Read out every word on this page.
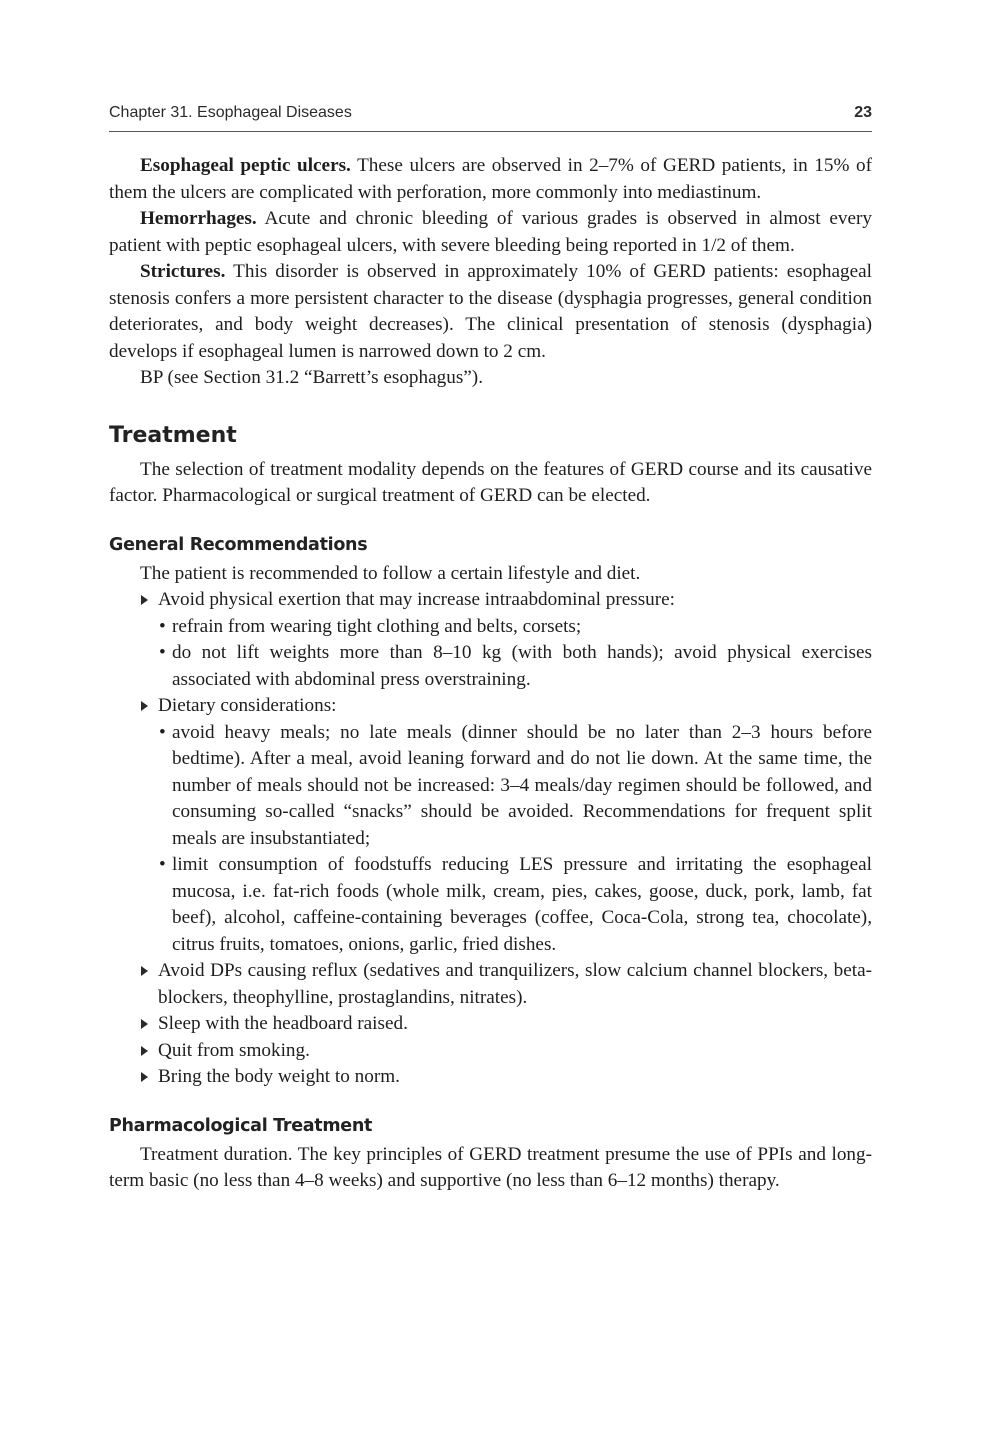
Chapter 31. Esophageal Diseases	23

Esophageal peptic ulcers. These ulcers are observed in 2–7% of GERD patients, in 15% of them the ulcers are complicated with perforation, more commonly into mediastinum.

Hemorrhages. Acute and chronic bleeding of various grades is observed in almost every patient with peptic esophageal ulcers, with severe bleeding being reported in 1/2 of them.

Strictures. This disorder is observed in approximately 10% of GERD patients: esophageal stenosis confers a more persistent character to the disease (dysphagia progresses, general condition deteriorates, and body weight decreases). The clinical presentation of stenosis (dysphagia) develops if esophageal lumen is narrowed down to 2 cm.

BP (see Section 31.2 “Barrett’s esophagus”).

Treatment

The selection of treatment modality depends on the features of GERD course and its causative factor. Pharmacological or surgical treatment of GERD can be elected.

General Recommendations

The patient is recommended to follow a certain lifestyle and diet.

Avoid physical exertion that may increase intraabdominal pressure:
• refrain from wearing tight clothing and belts, corsets;
• do not lift weights more than 8–10 kg (with both hands); avoid physical exercises associated with abdominal press overstraining.
Dietary considerations:
• avoid heavy meals; no late meals (dinner should be no later than 2–3 hours before bedtime). After a meal, avoid leaning forward and do not lie down. At the same time, the number of meals should not be increased: 3–4 meals/day regimen should be followed, and consuming so-called “snacks” should be avoided. Recommendations for frequent split meals are insubstantiated;
• limit consumption of foodstuffs reducing LES pressure and irritating the esophageal mucosa, i.e. fat-rich foods (whole milk, cream, pies, cakes, goose, duck, pork, lamb, fat beef), alcohol, caffeine-containing beverages (coffee, Coca-Cola, strong tea, chocolate), citrus fruits, tomatoes, onions, garlic, fried dishes.
Avoid DPs causing reflux (sedatives and tranquilizers, slow calcium channel blockers, beta-blockers, theophylline, prostaglandins, nitrates).
Sleep with the headboard raised.
Quit from smoking.
Bring the body weight to norm.
Pharmacological Treatment

Treatment duration. The key principles of GERD treatment presume the use of PPIs and long-term basic (no less than 4–8 weeks) and supportive (no less than 6–12 months) therapy.
